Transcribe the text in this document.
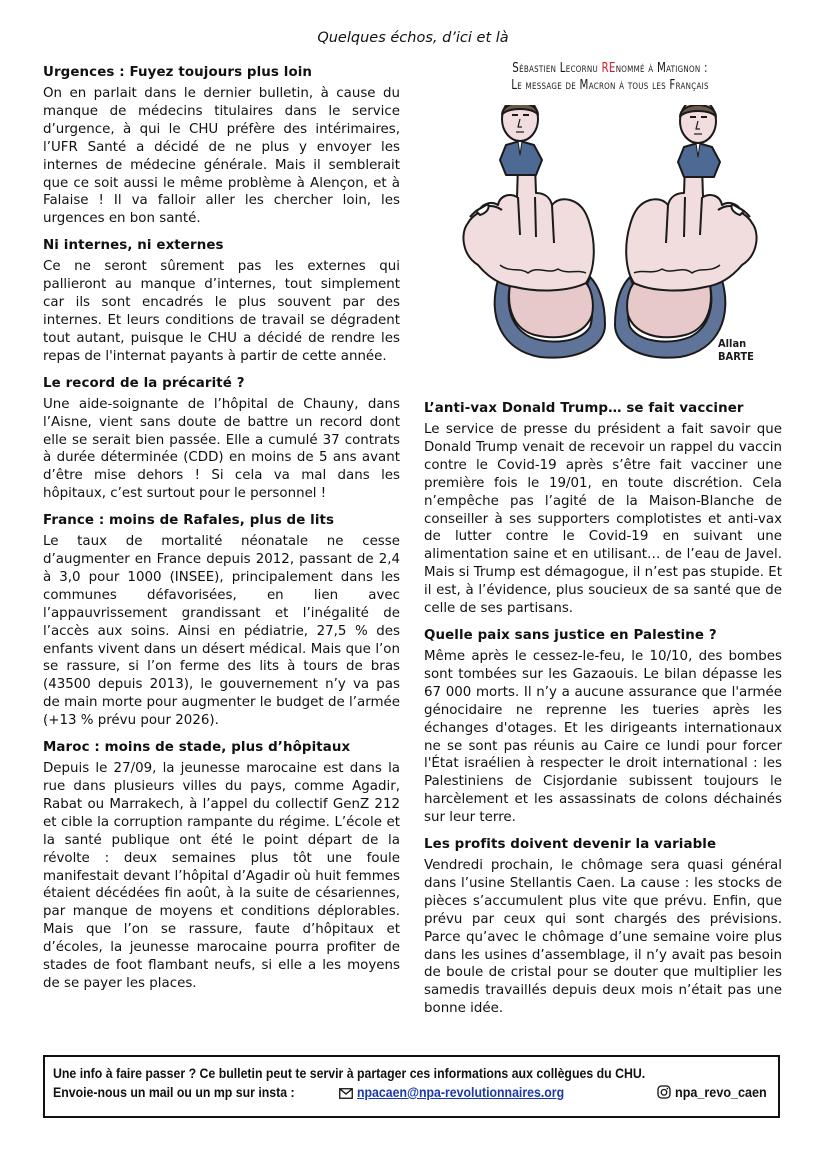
Quelques échos, d’ici et là
Urgences : Fuyez toujours plus loin

On en parlait dans le dernier bulletin, à cause du manque de médecins titulaires dans le service d’urgence, à qui le CHU préfère des intérimaires, l’UFR Santé a décidé de ne plus y envoyer les internes de médecine générale. Mais il semblerait que ce soit aussi le même problème à Alençon, et à Falaise ! Il va falloir aller les chercher loin, les urgences en bon santé.

Ni internes, ni externes

Ce ne seront sûrement pas les externes qui pallieront au manque d’internes, tout simplement car ils sont encadrés le plus souvent par des internes. Et leurs conditions de travail se dégradent tout autant, puisque le CHU a décidé de rendre les repas de l'internat payants à partir de cette année.

Le record de la précarité ?

Une aide-soignante de l’hôpital de Chauny, dans l’Aisne, vient sans doute de battre un record dont elle se serait bien passée. Elle a cumulé 37 contrats à durée déterminée (CDD) en moins de 5 ans avant d’être mise dehors ! Si cela va mal dans les hôpitaux, c’est surtout pour le personnel !

France : moins de Rafales, plus de lits

Le taux de mortalité néonatale ne cesse d’augmenter en France depuis 2012, passant de 2,4 à 3,0 pour 1000 (INSEE), principalement dans les communes défavorisées, en lien avec l’appauvrissement grandissant et l’inégalité de l’accès aux soins. Ainsi en pédiatrie, 27,5 % des enfants vivent dans un désert médical. Mais que l’on se rassure, si l’on ferme des lits à tours de bras (43500 depuis 2013), le gouvernement n’y va pas de main morte pour augmenter le budget de l’armée (+13 % prévu pour 2026).

Maroc : moins de stade, plus d’hôpitaux

Depuis le 27/09, la jeunesse marocaine est dans la rue dans plusieurs villes du pays, comme Agadir, Rabat ou Marrakech, à l’appel du collectif GenZ 212 et cible la corruption rampante du régime. L’école et la santé publique ont été le point départ de la révolte : deux semaines plus tôt une foule manifestait devant l’hôpital d’Agadir où huit femmes étaient décédées fin août, à la suite de césariennes, par manque de moyens et conditions déplorables. Mais que l’on se rassure, faute d’hôpitaux et d’écoles, la jeunesse marocaine pourra profiter de stades de foot flambant neufs, si elle a les moyens de se payer les places.

Sébastien Lecornu REnommé à Matignon :
Le message de Macron à tous les Français
Allan
BARTE
L’anti-vax Donald Trump… se fait vacciner

Le service de presse du président a fait savoir que Donald Trump venait de recevoir un rappel du vaccin contre le Covid-19 après s’être fait vacciner une première fois le 19/01, en toute discrétion. Cela n’empêche pas l’agité de la Maison-Blanche de conseiller à ses supporters complotistes et anti-vax de lutter contre le Covid-19 en suivant une alimentation saine et en utilisant… de l’eau de Javel. Mais si Trump est démagogue, il n’est pas stupide. Et il est, à l’évidence, plus soucieux de sa santé que de celle de ses partisans.

Quelle paix sans justice en Palestine ?

Même après le cessez-le-feu, le 10/10, des bombes sont tombées sur les Gazaouis. Le bilan dépasse les 67 000 morts. Il n’y a aucune assurance que l'armée génocidaire ne reprenne les tueries après les échanges d'otages. Et les dirigeants internationaux ne se sont pas réunis au Caire ce lundi pour forcer l'État israélien à respecter le droit international : les Palestiniens de Cisjordanie subissent toujours le harcèlement et les assassinats de colons déchainés sur leur terre.

Les profits doivent devenir la variable

Vendredi prochain, le chômage sera quasi général dans l’usine Stellantis Caen. La cause : les stocks de pièces s’accumulent plus vite que prévu. Enfin, que prévu par ceux qui sont chargés des prévisions. Parce qu’avec le chômage d’une semaine voire plus dans les usines d’assemblage, il n’y avait pas besoin de boule de cristal pour se douter que multiplier les samedis travaillés depuis deux mois n’était pas une bonne idée.

Une info à faire passer ? Ce bulletin peut te servir à partager ces informations aux collègues du CHU.
Envoie-nous un mail ou un mp sur insta :	npacaen@npa-revolutionnaires.org	npa_revo_caen
